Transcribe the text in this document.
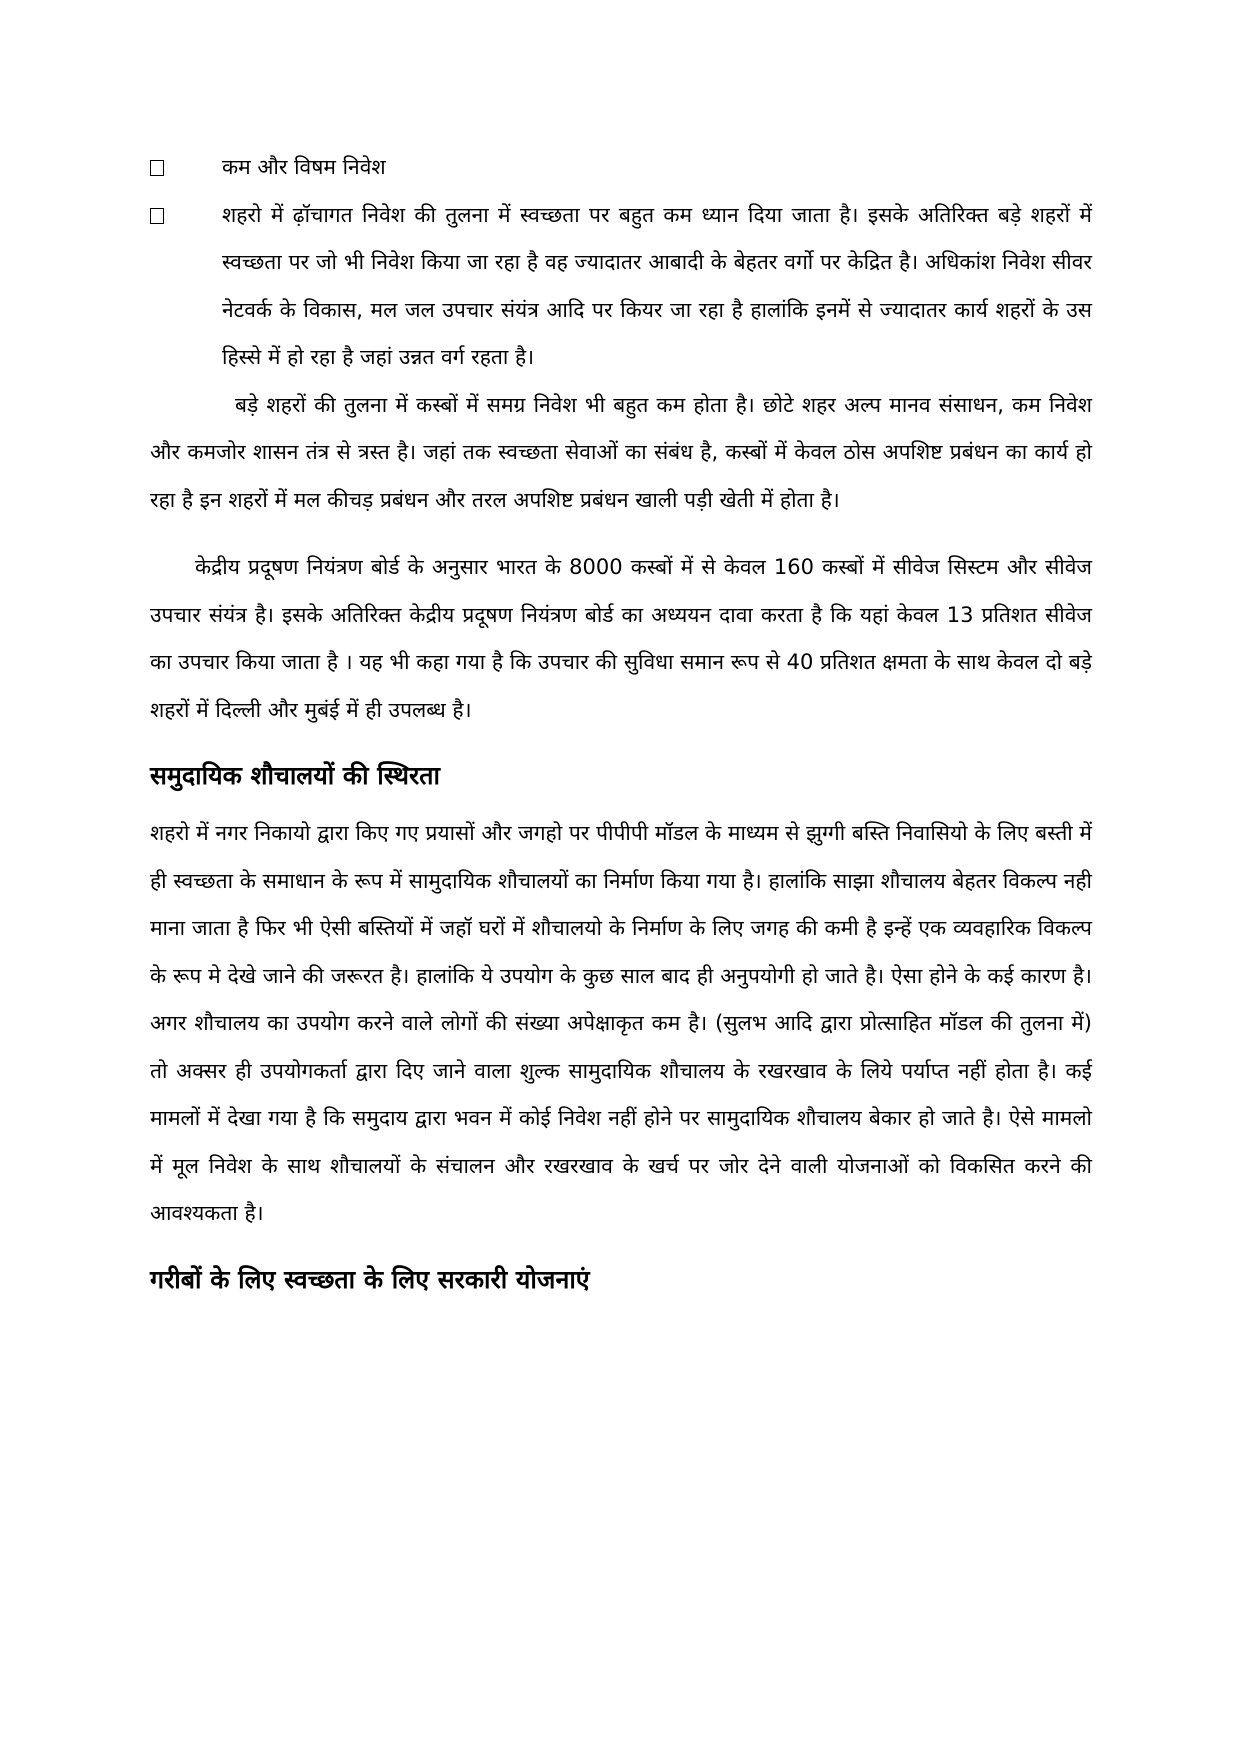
कम और विषम निवेश
शहरो में ढ़ॉचागत निवेश की तुलना में स्वच्छता पर बहुत कम ध्यान दिया जाता है। इसके अतिरिक्त बड़े शहरों में स्वच्छता पर जो भी निवेश किया जा रहा है वह ज्यादातर आबादी के बेहतर वर्गो पर केद्रित है। अधिकांश निवेश सीवर नेटवर्क के विकास, मल जल उपचार संयंत्र आदि पर कियर जा रहा है हालांकि इनमें से ज्यादातर कार्य शहरों के उस हिस्से में हो रहा है जहां उन्नत वर्ग रहता है।

बड़े शहरों की तुलना में कस्बों में समग्र निवेश भी बहुत कम होता है। छोटे शहर अल्प मानव संसाधन, कम निवेश और कमजोर शासन तंत्र से त्रस्त है। जहां तक स्वच्छता सेवाओं का संबंध है, कस्बों में केवल ठोस अपशिष्ट प्रबंधन का कार्य हो रहा है इन शहरों में मल कीचड़ प्रबंधन और तरल अपशिष्ट प्रबंधन खाली पड़ी खेती में होता है।

केद्रीय प्रदूषण नियंत्रण बोर्ड के अनुसार भारत के 8000 कस्बों में से केवल 160 कस्बों में सीवेज सिस्टम और सीवेज उपचार संयंत्र है। इसके अतिरिक्त केद्रीय प्रदूषण नियंत्रण बोर्ड का अध्ययन दावा करता है कि यहां केवल 13 प्रतिशत सीवेज का उपचार किया जाता है । यह भी कहा गया है कि उपचार की सुविधा समान रूप से 40 प्रतिशत क्षमता के साथ केवल दो बड़े शहरों में दिल्ली और मुबंई में ही उपलब्ध है।

समुदायिक शौचालयों की स्थिरता

शहरो में नगर निकायो द्वारा किए गए प्रयासों और जगहो पर पीपीपी मॉडल के माध्यम से झुग्गी बस्ति निवासियो के लिए बस्ती में ही स्वच्छता के समाधान के रूप में सामुदायिक शौचालयों का निर्माण किया गया है। हालांकि साझा शौचालय बेहतर विकल्प नही माना जाता है फिर भी ऐसी बस्तियों में जहॉ घरों में शौचालयो के निर्माण के लिए जगह की कमी है इन्हें एक व्यवहारिक विकल्प के रूप मे देखे जाने की जरूरत है। हालांकि ये उपयोग के कुछ साल बाद ही अनुपयोगी हो जाते है। ऐसा होने के कई कारण है। अगर शौचालय का उपयोग करने वाले लोगों की संख्या अपेक्षाकृत कम है। (सुलभ आदि द्वारा प्रोत्साहित मॉडल की तुलना में) तो अक्सर ही उपयोगकर्ता द्वारा दिए जाने वाला शुल्क सामुदायिक शौचालय के रखरखाव के लिये पर्याप्त नहीं होता है। कई मामलों में देखा गया है कि समुदाय द्वारा भवन में कोई निवेश नहीं होने पर सामुदायिक शौचालय बेकार हो जाते है। ऐसे मामलो में मूल निवेश के साथ शौचालयों के संचालन और रखरखाव के खर्च पर जोर देने वाली योजनाओं को विकसित करने की आवश्यकता है।

गरीबों के लिए स्वच्छता के लिए सरकारी योजनाएं
